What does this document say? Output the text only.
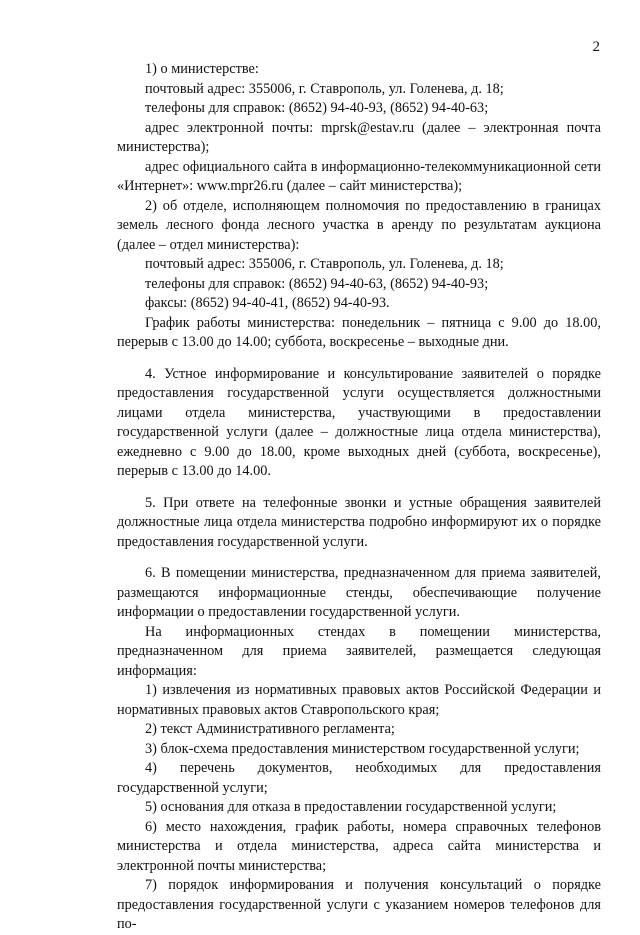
2

1) о министерстве:

почтовый адрес: 355006, г. Ставрополь, ул. Голенева, д. 18;

телефоны для справок: (8652) 94-40-93, (8652) 94-40-63;

адрес электронной почты: mprsk@estav.ru (далее – электронная почта министерства);

адрес официального сайта в информационно-телекоммуникационной сети «Интернет»: www.mpr26.ru (далее – сайт министерства);

2) об отделе, исполняющем полномочия по предоставлению в границах земель лесного фонда лесного участка в аренду по результатам аукциона (далее – отдел министерства):

почтовый адрес: 355006, г. Ставрополь, ул. Голенева, д. 18;

телефоны для справок: (8652) 94-40-63, (8652) 94-40-93;

факсы: (8652) 94-40-41, (8652) 94-40-93.

График работы министерства: понедельник – пятница с 9.00 до 18.00, перерыв с 13.00 до 14.00; суббота, воскресенье – выходные дни.

4. Устное информирование и консультирование заявителей о порядке предоставления государственной услуги осуществляется должностными лицами отдела министерства, участвующими в предоставлении государственной услуги (далее – должностные лица отдела министерства), ежедневно с 9.00 до 18.00, кроме выходных дней (суббота, воскресенье), перерыв с 13.00 до 14.00.

5. При ответе на телефонные звонки и устные обращения заявителей должностные лица отдела министерства подробно информируют их о порядке предоставления государственной услуги.

6. В помещении министерства, предназначенном для приема заявителей, размещаются информационные стенды, обеспечивающие получение информации о предоставлении государственной услуги.

На информационных стендах в помещении министерства, предназначенном для приема заявителей, размещается следующая информация:

1) извлечения из нормативных правовых актов Российской Федерации и нормативных правовых актов Ставропольского края;

2) текст Административного регламента;

3) блок-схема предоставления министерством государственной услуги;

4) перечень документов, необходимых для предоставления государственной услуги;

5) основания для отказа в предоставлении государственной услуги;

6) место нахождения, график работы, номера справочных телефонов министерства и отдела министерства, адреса сайта министерства и электронной почты министерства;

7) порядок информирования и получения консультаций о порядке предоставления государственной услуги с указанием номеров телефонов для по-
